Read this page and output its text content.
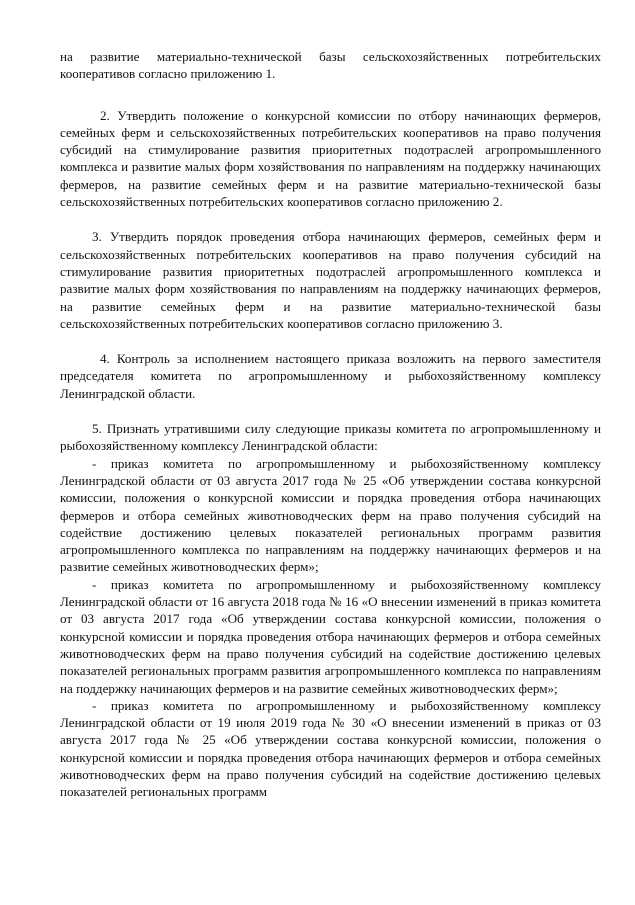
на развитие материально-технической базы сельскохозяйственных потребительских кооперативов согласно приложению 1.

2. Утвердить положение о конкурсной комиссии по отбору начинающих фермеров, семейных ферм и сельскохозяйственных потребительских кооперативов на право получения субсидий на стимулирование развития приоритетных подотраслей агропромышленного комплекса и развитие малых форм хозяйствования по направлениям на поддержку начинающих фермеров, на развитие семейных ферм и на развитие материально-технической базы сельскохозяйственных потребительских кооперативов согласно приложению 2.

3. Утвердить порядок проведения отбора начинающих фермеров, семейных ферм и сельскохозяйственных потребительских кооперативов на право получения субсидий на стимулирование развития приоритетных подотраслей агропромышленного комплекса и развитие малых форм хозяйствования по направлениям на поддержку начинающих фермеров, на развитие семейных ферм и на развитие материально-технической базы сельскохозяйственных потребительских кооперативов согласно приложению 3.

4. Контроль за исполнением настоящего приказа возложить на первого заместителя председателя комитета по агропромышленному и рыбохозяйственному комплексу Ленинградской области.

5. Признать утратившими силу следующие приказы комитета по агропромышленному и рыбохозяйственному комплексу Ленинградской области:

- приказ комитета по агропромышленному и рыбохозяйственному комплексу Ленинградской области от 03 августа 2017 года № 25 «Об утверждении состава конкурсной комиссии, положения о конкурсной комиссии и порядка проведения отбора начинающих фермеров и отбора семейных животноводческих ферм на право получения субсидий на содействие достижению целевых показателей региональных программ развития агропромышленного комплекса по направлениям на поддержку начинающих фермеров и на развитие семейных животноводческих ферм»;

- приказ комитета по агропромышленному и рыбохозяйственному комплексу Ленинградской области от 16 августа 2018 года № 16 «О внесении изменений в приказ комитета от 03 августа 2017 года «Об утверждении состава конкурсной комиссии, положения о конкурсной комиссии и порядка проведения отбора начинающих фермеров и отбора семейных животноводческих ферм на право получения субсидий на содействие достижению целевых показателей региональных программ развития агропромышленного комплекса по направлениям на поддержку начинающих фермеров и на развитие семейных животноводческих ферм»;

- приказ комитета по агропромышленному и рыбохозяйственному комплексу Ленинградской области от 19 июля 2019 года № 30 «О внесении изменений в приказ от 03 августа 2017 года № 25 «Об утверждении состава конкурсной комиссии, положения о конкурсной комиссии и порядка проведения отбора начинающих фермеров и отбора семейных животноводческих ферм на право получения субсидий на содействие достижению целевых показателей региональных программ
